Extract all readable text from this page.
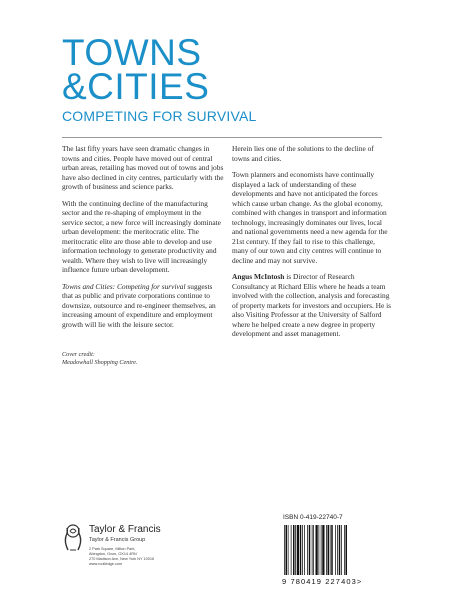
TOWNS
&CITIES
COMPETING FOR SURVIVAL

The last fifty years have seen dramatic changes in towns and cities. People have moved out of central urban areas, retailing has moved out of towns and jobs have also declined in city centres, particularly with the growth of business and science parks.

With the continuing decline of the manufacturing sector and the re-shaping of employment in the service sector, a new force will increasingly dominate urban development: the meritocratic elite. The meritocratic elite are those able to develop and use information technology to generate productivity and wealth. Where they wish to live will increasingly influence future urban development.

Towns and Cities: Competing for survival suggests that as public and private corporations continue to downsize, outsource and re-engineer themselves, an increasing amount of expenditure and employment growth will lie with the leisure sector.

Herein lies one of the solutions to the decline of towns and cities.

Town planners and economists have continually displayed a lack of understanding of these developments and have not anticipated the forces which cause urban change. As the global economy, combined with changes in transport and information technology, increasingly dominates our lives, local and national governments need a new agenda for the 21st century. If they fail to rise to this challenge, many of our town and city centres will continue to decline and may not survive.

Angus McIntosh is Director of Research Consultancy at Richard Ellis where he heads a team involved with the collection, analysis and forecasting of property markets for investors and occupiers. He is also Visiting Professor at the University of Salford where he helped create a new degree in property development and asset management.

Cover credit:
Meadowhall Shopping Centre.
Taylor & Francis
Taylor & Francis Group
2 Park Square, Milton Park,
Abingdon, Oxon, OX14 4RN
270 Madison Ave, New York NY 10016
www.routledge.com
ISBN 0-419-22740-7
9 780419 227403>
